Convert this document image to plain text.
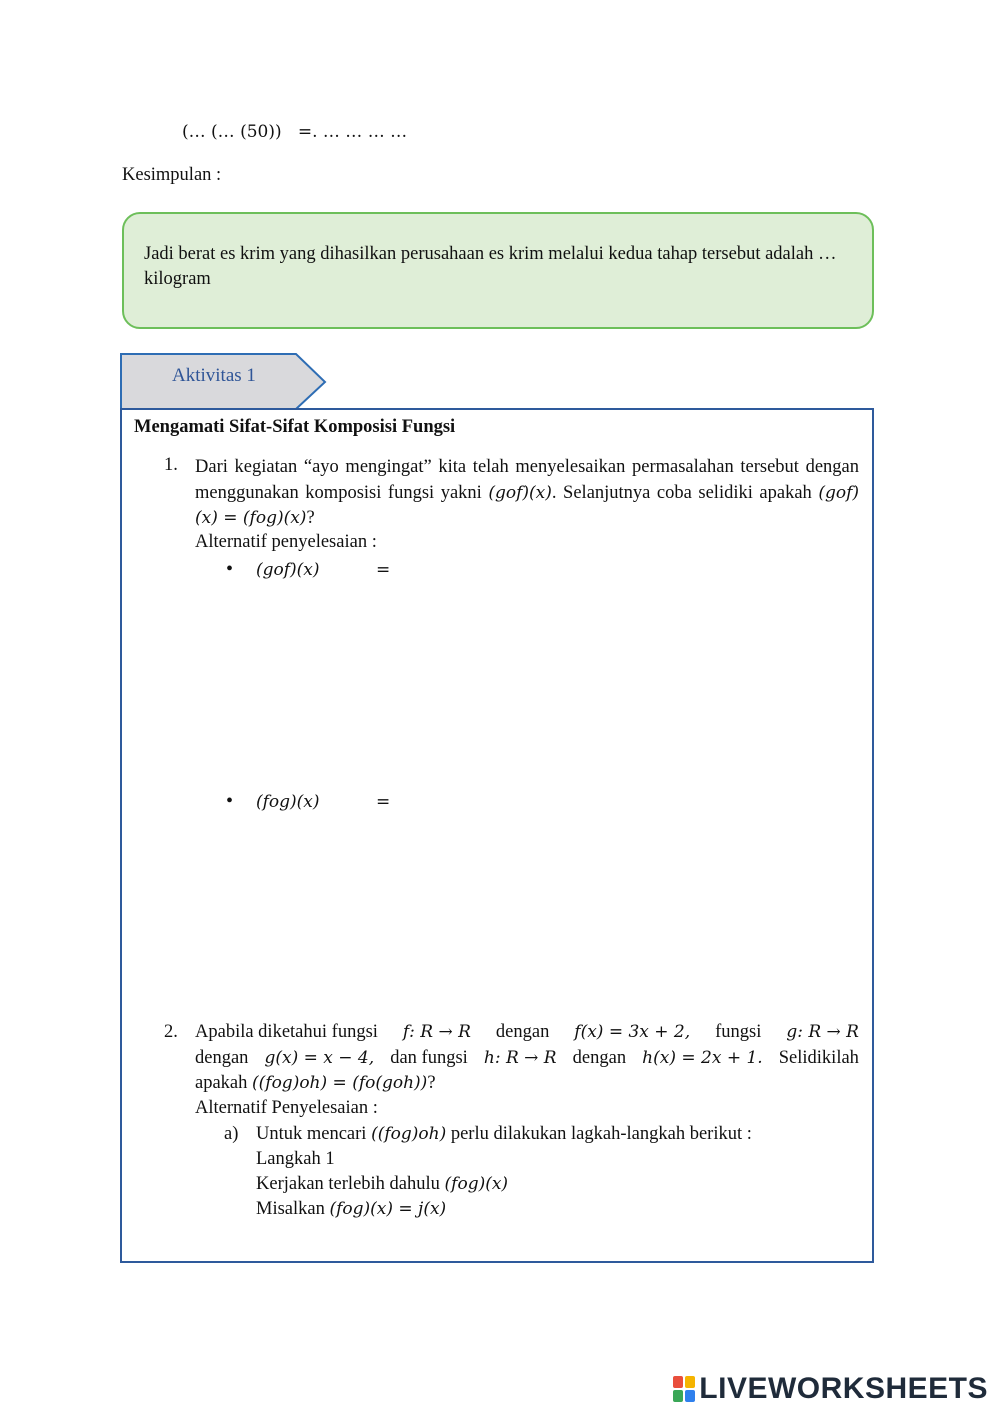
(… (… (50)) =. … … … …
Kesimpulan :
Jadi berat es krim yang dihasilkan perusahaan es krim melalui kedua tahap tersebut adalah … kilogram
Aktivitas 1
Mengamati Sifat-Sifat Komposisi Fungsi
1. Dari kegiatan “ayo mengingat” kita telah menyelesaikan permasalahan tersebut dengan menggunakan komposisi fungsi yakni (gof)(x). Selanjutnya coba selidiki apakah (gof)(x) = (fog)(x)?
Alternatif penyelesaian :
• (gof)(x)	=
• (fog)(x)	=
2. Apabila diketahui fungsi f: R → R dengan f(x) = 3x + 2, fungsi g: R → R
dengan g(x) = x − 4, dan fungsi h: R → R dengan h(x) = 2x + 1. Selidikilah
apakah ((fog)oh) = (fo(goh))?
Alternatif Penyelesaian :
a) Untuk mencari ((fog)oh) perlu dilakukan lagkah-langkah berikut :
Langkah 1
Kerjakan terlebih dahulu (fog)(x)
Misalkan (fog)(x) = j(x)
LIVEWORKSHEETS
